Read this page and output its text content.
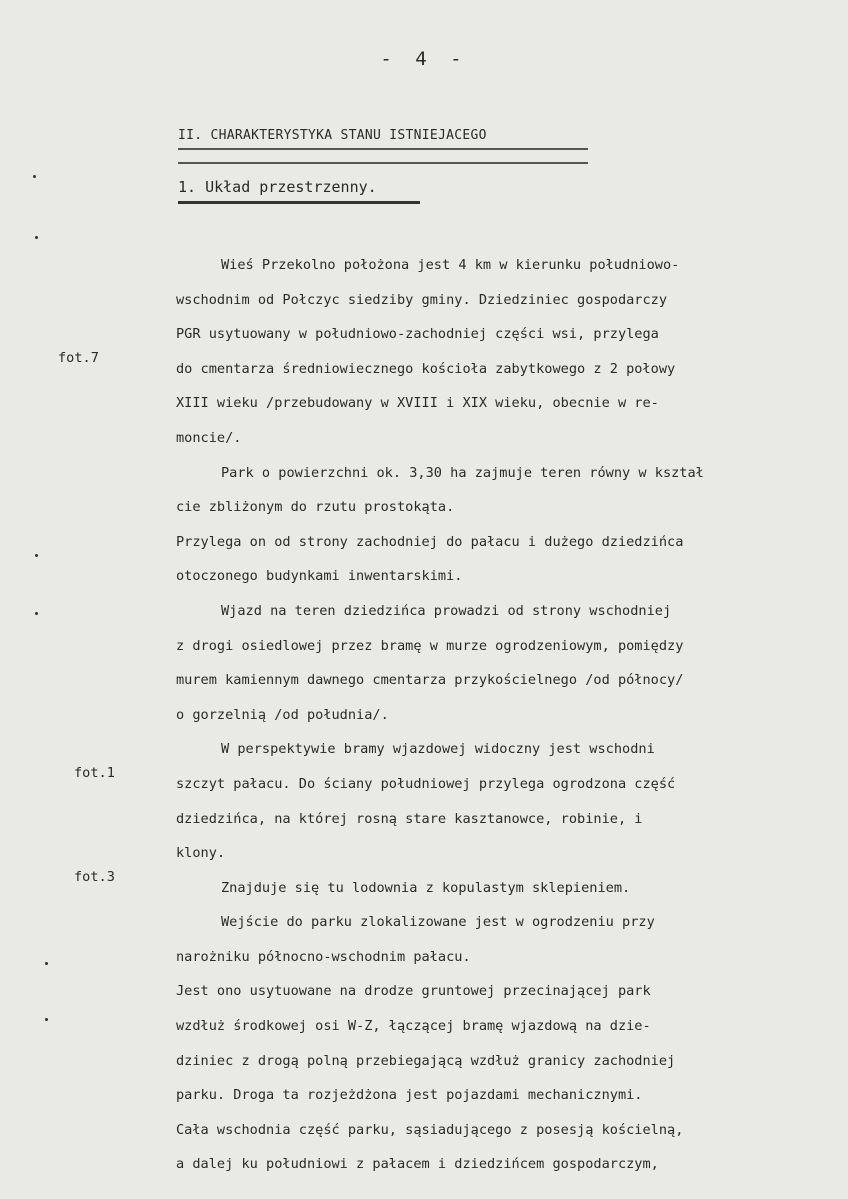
- 4 -
II. CHARAKTERYSTYKA STANU ISTNIEJACEGO
1. Układ przestrzenny.
fot.7
fot.1
fot.3
Wieś Przekolno położona jest 4 km w kierunku południowo-
wschodnim od Połczyc siedziby gminy. Dziedziniec gospodarczy
PGR usytuowany w południowo-zachodniej części wsi, przylega
do cmentarza średniowiecznego kościoła zabytkowego z 2 połowy
XIII wieku /przebudowany w XVIII i XIX wieku, obecnie w re-
moncie/.
Park o powierzchni ok. 3,30 ha zajmuje teren równy w kształ
cie zbliżonym do rzutu prostokąta.
Przylega on od strony zachodniej do pałacu i dużego dziedzińca
otoczonego budynkami inwentarskimi.
Wjazd na teren dziedzińca prowadzi od strony wschodniej
z drogi osiedlowej przez bramę w murze ogrodzeniowym, pomiędzy
murem kamiennym dawnego cmentarza przykościelnego /od północy/
o gorzelnią /od południa/.
W perspektywie bramy wjazdowej widoczny jest wschodni
szczyt pałacu. Do ściany południowej przylega ogrodzona część
dziedzińca, na której rosną stare kasztanowce, robinie, i
klony.
Znajduje się tu lodownia z kopulastym sklepieniem.
Wejście do parku zlokalizowane jest w ogrodzeniu przy
narożniku północno-wschodnim pałacu.
Jest ono usytuowane na drodze gruntowej przecinającej park
wzdłuż środkowej osi W-Z, łączącej bramę wjazdową na dzie-
dziniec z drogą polną przebiegającą wzdłuż granicy zachodniej
parku. Droga ta rozjeżdżona jest pojazdami mechanicznymi.
Cała wschodnia część parku, sąsiadującego z posesją kościelną,
a dalej ku południowi z pałacem i dziedzińcem gospodarczym,
